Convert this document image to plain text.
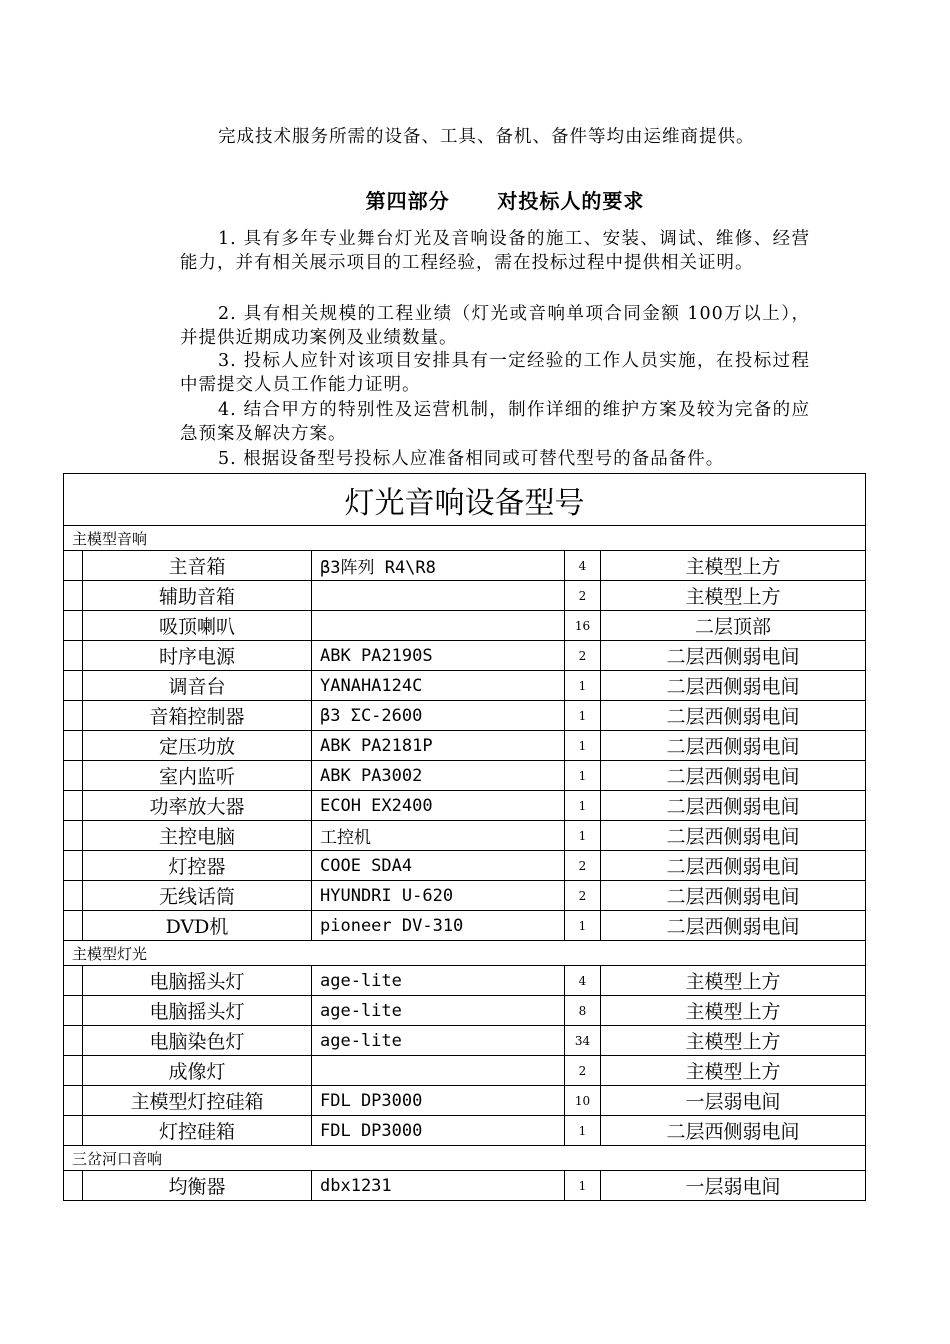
完成技术服务所需的设备、工具、备机、备件等均由运维商提供。

第四部分      对投标人的要求

1. 具有多年专业舞台灯光及音响设备的施工、安装、调试、维修、经营能力，并有相关展示项目的工程经验，需在投标过程中提供相关证明。

2. 具有相关规模的工程业绩（灯光或音响单项合同金额 100万以上），并提供近期成功案例及业绩数量。

3. 投标人应针对该项目安排具有一定经验的工作人员实施，在投标过程中需提交人员工作能力证明。

4. 结合甲方的特别性及运营机制，制作详细的维护方案及较为完备的应急预案及解决方案。

5. 根据设备型号投标人应准备相同或可替代型号的备品备件。

灯光音响设备型号				
主模型音响				
	主音箱	β3阵列 R4\R8	4	主模型上方
	辅助音箱		2	主模型上方
	吸顶喇叭		16	二层顶部
	时序电源	ABK PA2190S	2	二层西侧弱电间
	调音台	YANAHA124C	1	二层西侧弱电间
	音箱控制器	β3 ΣC-2600	1	二层西侧弱电间
	定压功放	ABK PA2181P	1	二层西侧弱电间
	室内监听	ABK PA3002	1	二层西侧弱电间
	功率放大器	ECOH EX2400	1	二层西侧弱电间
	主控电脑	工控机	1	二层西侧弱电间
	灯控器	COOE SDA4	2	二层西侧弱电间
	无线话筒	HYUNDRI U-620	2	二层西侧弱电间
	DVD机	pioneer DV-310	1	二层西侧弱电间
主模型灯光				
	电脑摇头灯	age-lite	4	主模型上方
	电脑摇头灯	age-lite	8	主模型上方
	电脑染色灯	age-lite	34	主模型上方
	成像灯		2	主模型上方
	主模型灯控硅箱	FDL DP3000	10	一层弱电间
	灯控硅箱	FDL DP3000	1	二层西侧弱电间
三岔河口音响				
	均衡器	dbx1231	1	一层弱电间
